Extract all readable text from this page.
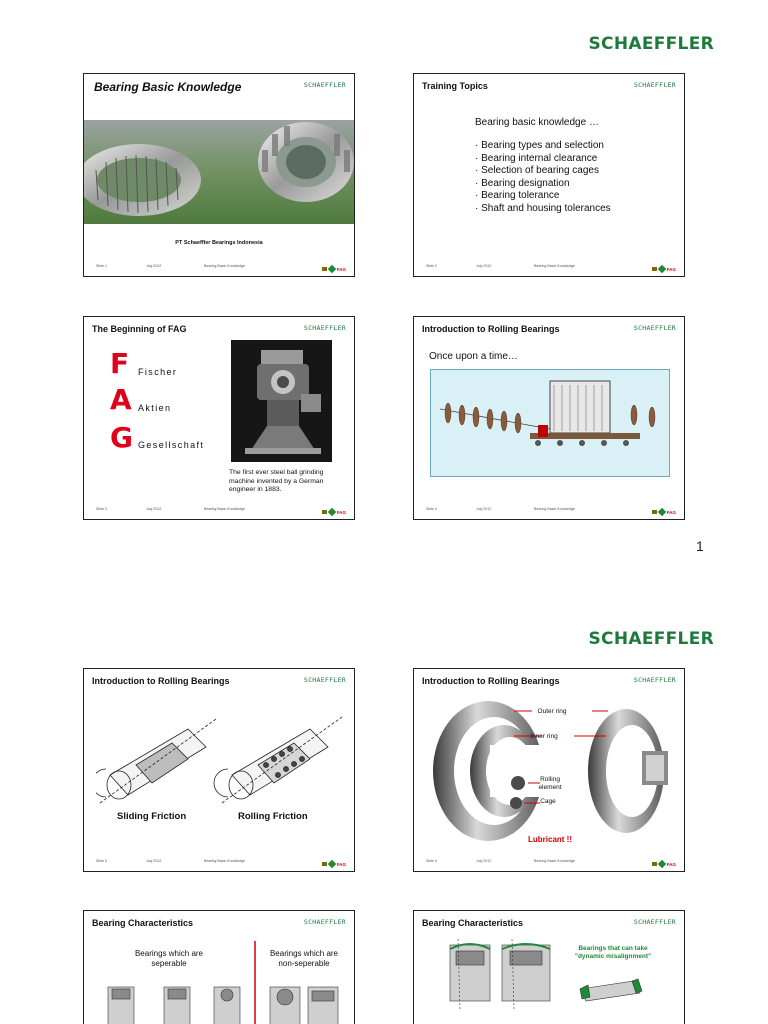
SCHAEFFLER
Bearing Basic Knowledge	SCHAEFFLER
PT Schaeffler Bearings Indonesia
Slide 1	July 2012	Bearing Basic Knowledge
FAG
Training Topics	SCHAEFFLER
Bearing basic knowledge …
· Bearing types and selection
· Bearing internal clearance
· Selection of bearing cages
· Bearing designation
· Bearing tolerance
· Shaft and housing tolerances
Slide 2	July 2012	Bearing Basic Knowledge
FAG
The Beginning of FAG	SCHAEFFLER
F Fischer
A Aktien
G Gesellschaft
The first ever steel ball grinding machine invented by a German engineer in 1883.
Slide 3	July 2012	Bearing Basic Knowledge
FAG
Introduction to Rolling Bearings	SCHAEFFLER
Once upon a time…
Slide 4	July 2012	Bearing Basic Knowledge
FAG
1
SCHAEFFLER
Introduction to Rolling Bearings	SCHAEFFLER
Sliding Friction	Rolling Friction
Slide 5	July 2012	Bearing Basic Knowledge
FAG
Introduction to Rolling Bearings	SCHAEFFLER
Outer ring
Inner ring
Rolling element
Cage
Lubricant !!
Slide 6	July 2012	Bearing Basic Knowledge
FAG
Bearing Characteristics	SCHAEFFLER
Bearings which are seperable
Bearings which are non-seperable
Bearing Characteristics	SCHAEFFLER
Bearings that can take "dynamic misalignment"
